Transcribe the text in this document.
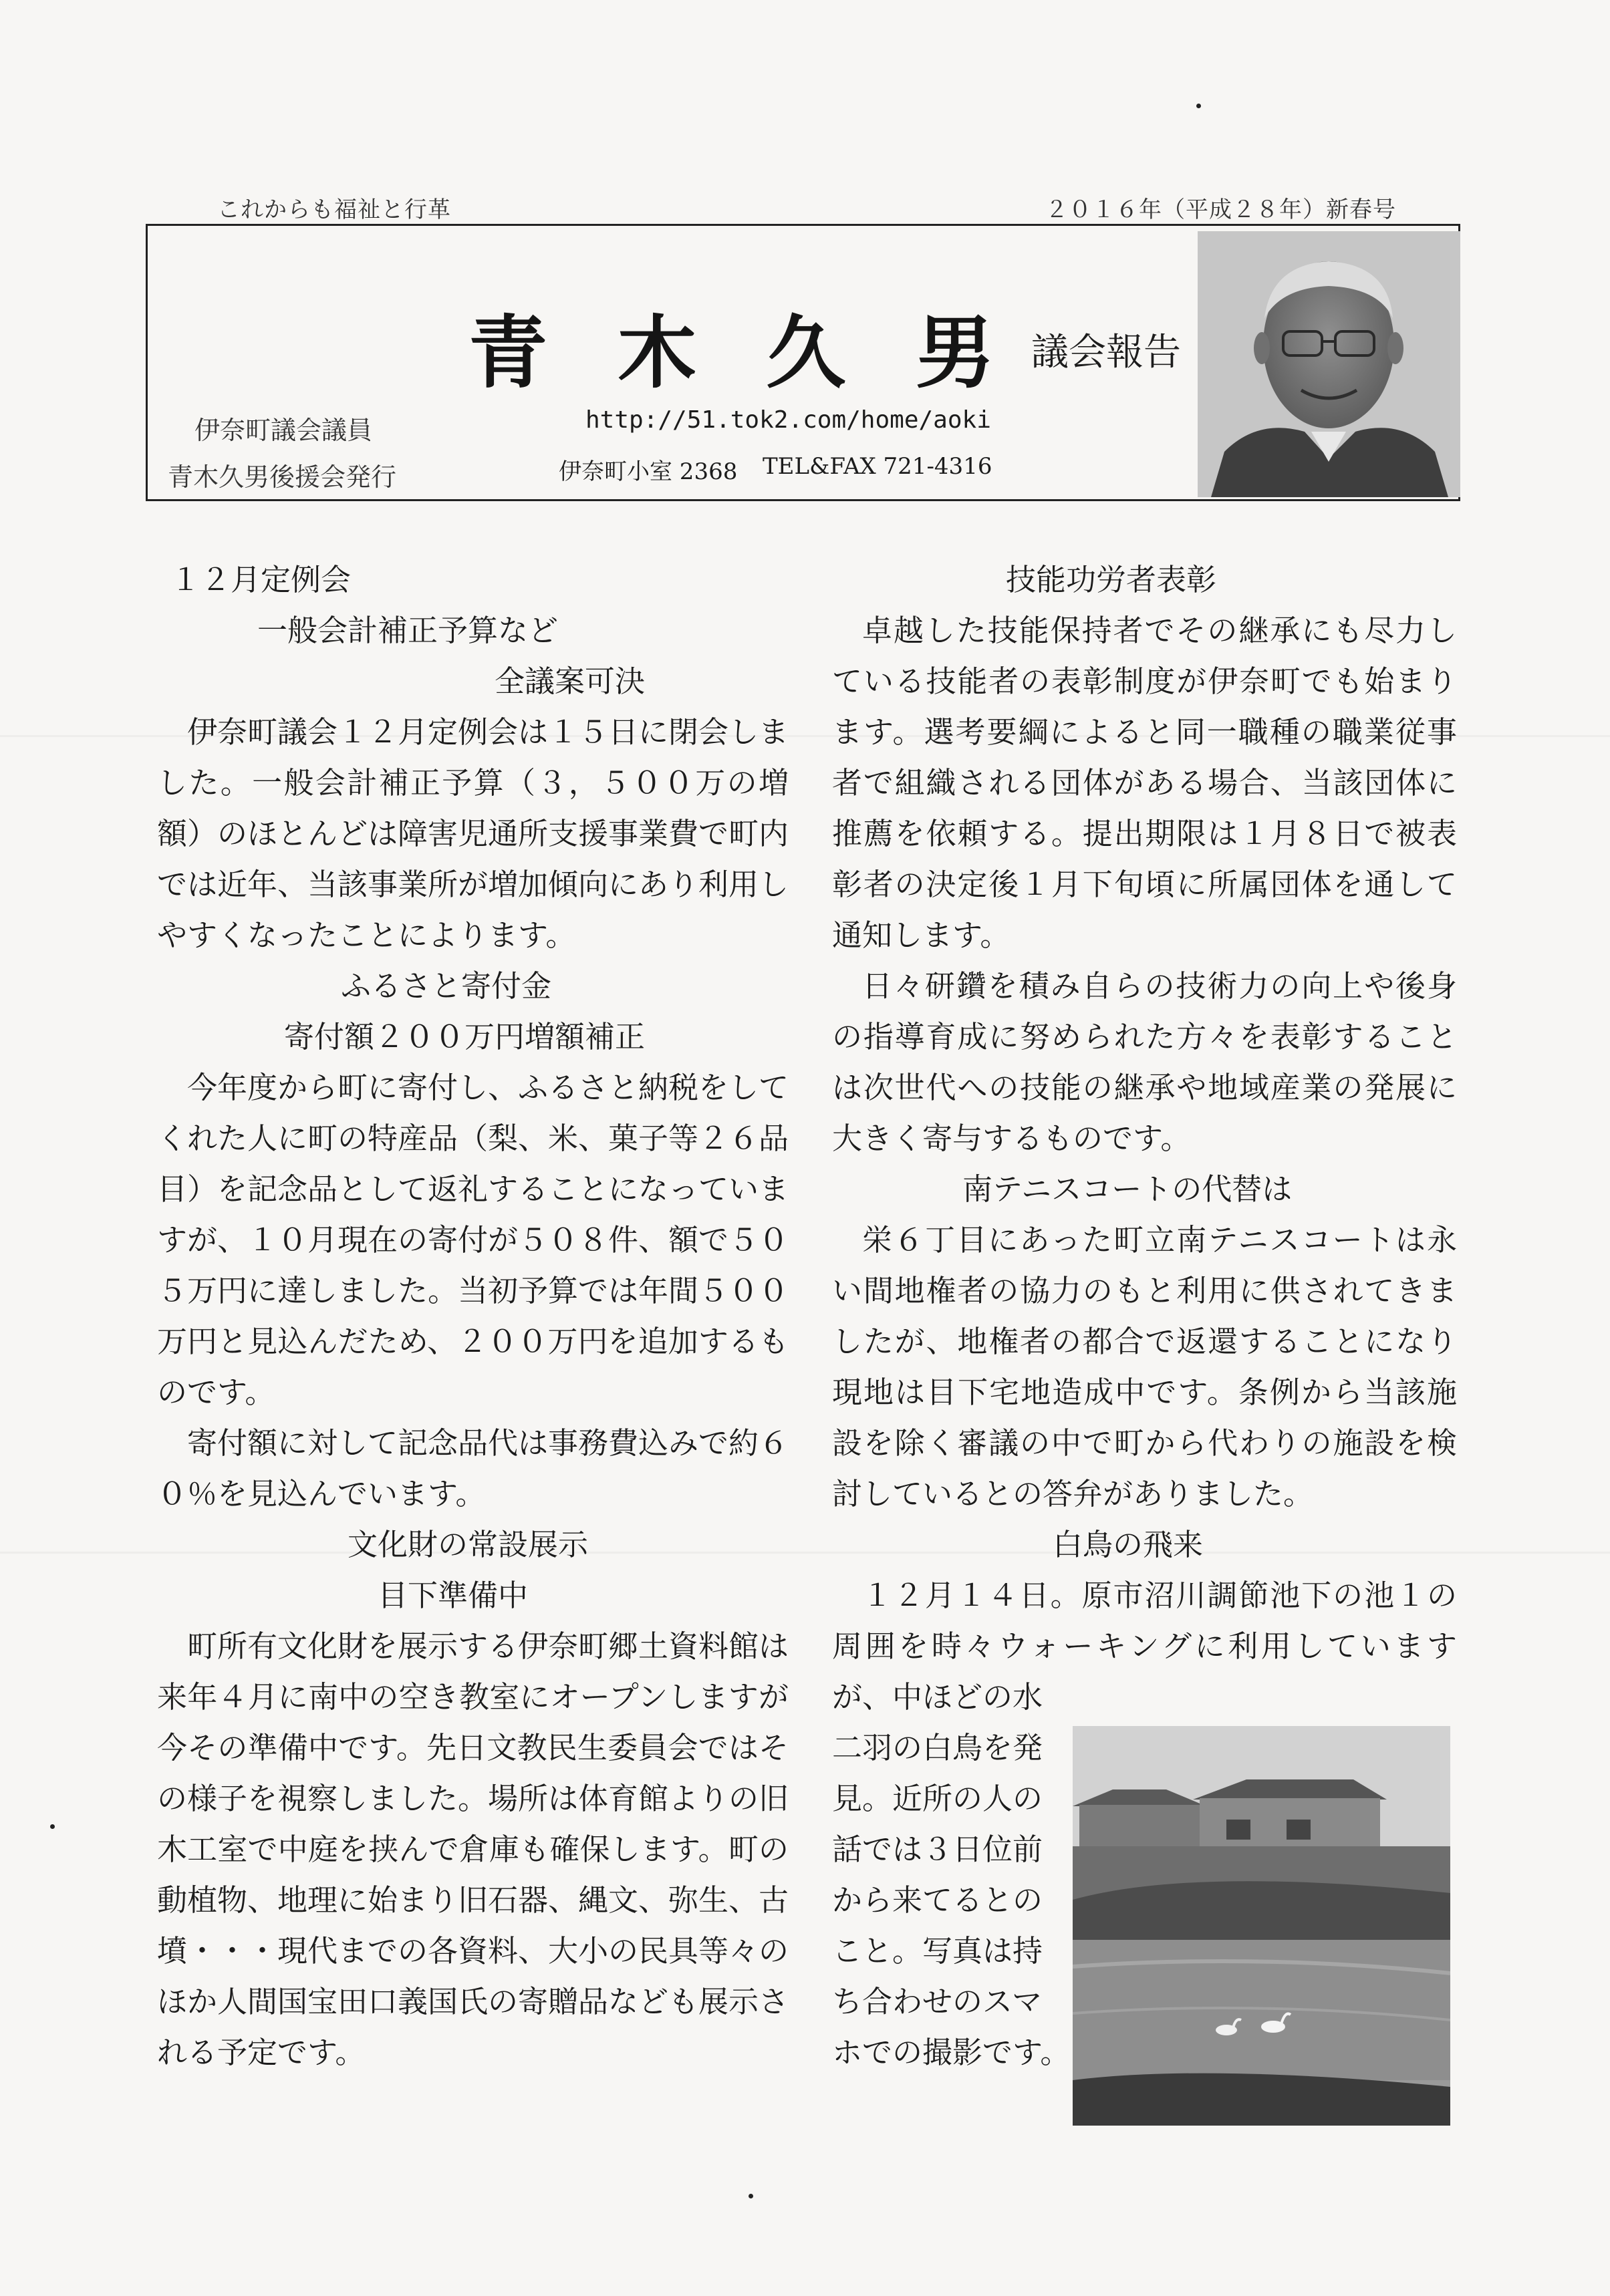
これからも福祉と行革	２０１６年（平成２８年）新春号
青木久男
議会報告
伊奈町議会議員
青木久男後援会発行
http://51.tok2.com/home/aoki
伊奈町小室 2368 TEL&FAX 721-4316

１２月定例会

一般会計補正予算など

全議案可決

伊奈町議会１２月定例会は１５日に閉会しました。一般会計補正予算（３，５００万の増額）のほとんどは障害児通所支援事業費で町内では近年、当該事業所が増加傾向にあり利用しやすくなったことによります。

ふるさと寄付金

寄付額２００万円増額補正

今年度から町に寄付し、ふるさと納税をしてくれた人に町の特産品（梨、米、菓子等２６品目）を記念品として返礼することになっていますが、１０月現在の寄付が５０８件、額で５０５万円に達しました。当初予算では年間５００万円と見込んだため、２００万円を追加するものです。

寄付額に対して記念品代は事務費込みで約６０％を見込んでいます。

文化財の常設展示

目下準備中

町所有文化財を展示する伊奈町郷土資料館は来年４月に南中の空き教室にオープンしますが今その準備中です。先日文教民生委員会ではその様子を視察しました。場所は体育館よりの旧木工室で中庭を挟んで倉庫も確保します。町の動植物、地理に始まり旧石器、縄文、弥生、古墳・・・現代までの各資料、大小の民具等々のほか人間国宝田口義国氏の寄贈品なども展示される予定です。

技能功労者表彰

卓越した技能保持者でその継承にも尽力している技能者の表彰制度が伊奈町でも始まります。選考要綱によると同一職種の職業従事者で組織される団体がある場合、当該団体に推薦を依頼する。提出期限は１月８日で被表彰者の決定後１月下旬頃に所属団体を通して通知します。

日々研鑽を積み自らの技術力の向上や後身の指導育成に努められた方々を表彰することは次世代への技能の継承や地域産業の発展に大きく寄与するものです。

南テニスコートの代替は

栄６丁目にあった町立南テニスコートは永い間地権者の協力のもと利用に供されてきましたが、地権者の都合で返還することになり現地は目下宅地造成中です。条例から当該施設を除く審議の中で町から代わりの施設を検討しているとの答弁がありました。

白鳥の飛来

１２月１４日。原市沼川調節池下の池１の周囲を時々ウォーキングに利用していますが、中ほどの水

二羽の白鳥を発
見。近所の人の
話では３日位前
から来てるとの
こと。写真は持
ち合わせのスマ
ホでの撮影です。
